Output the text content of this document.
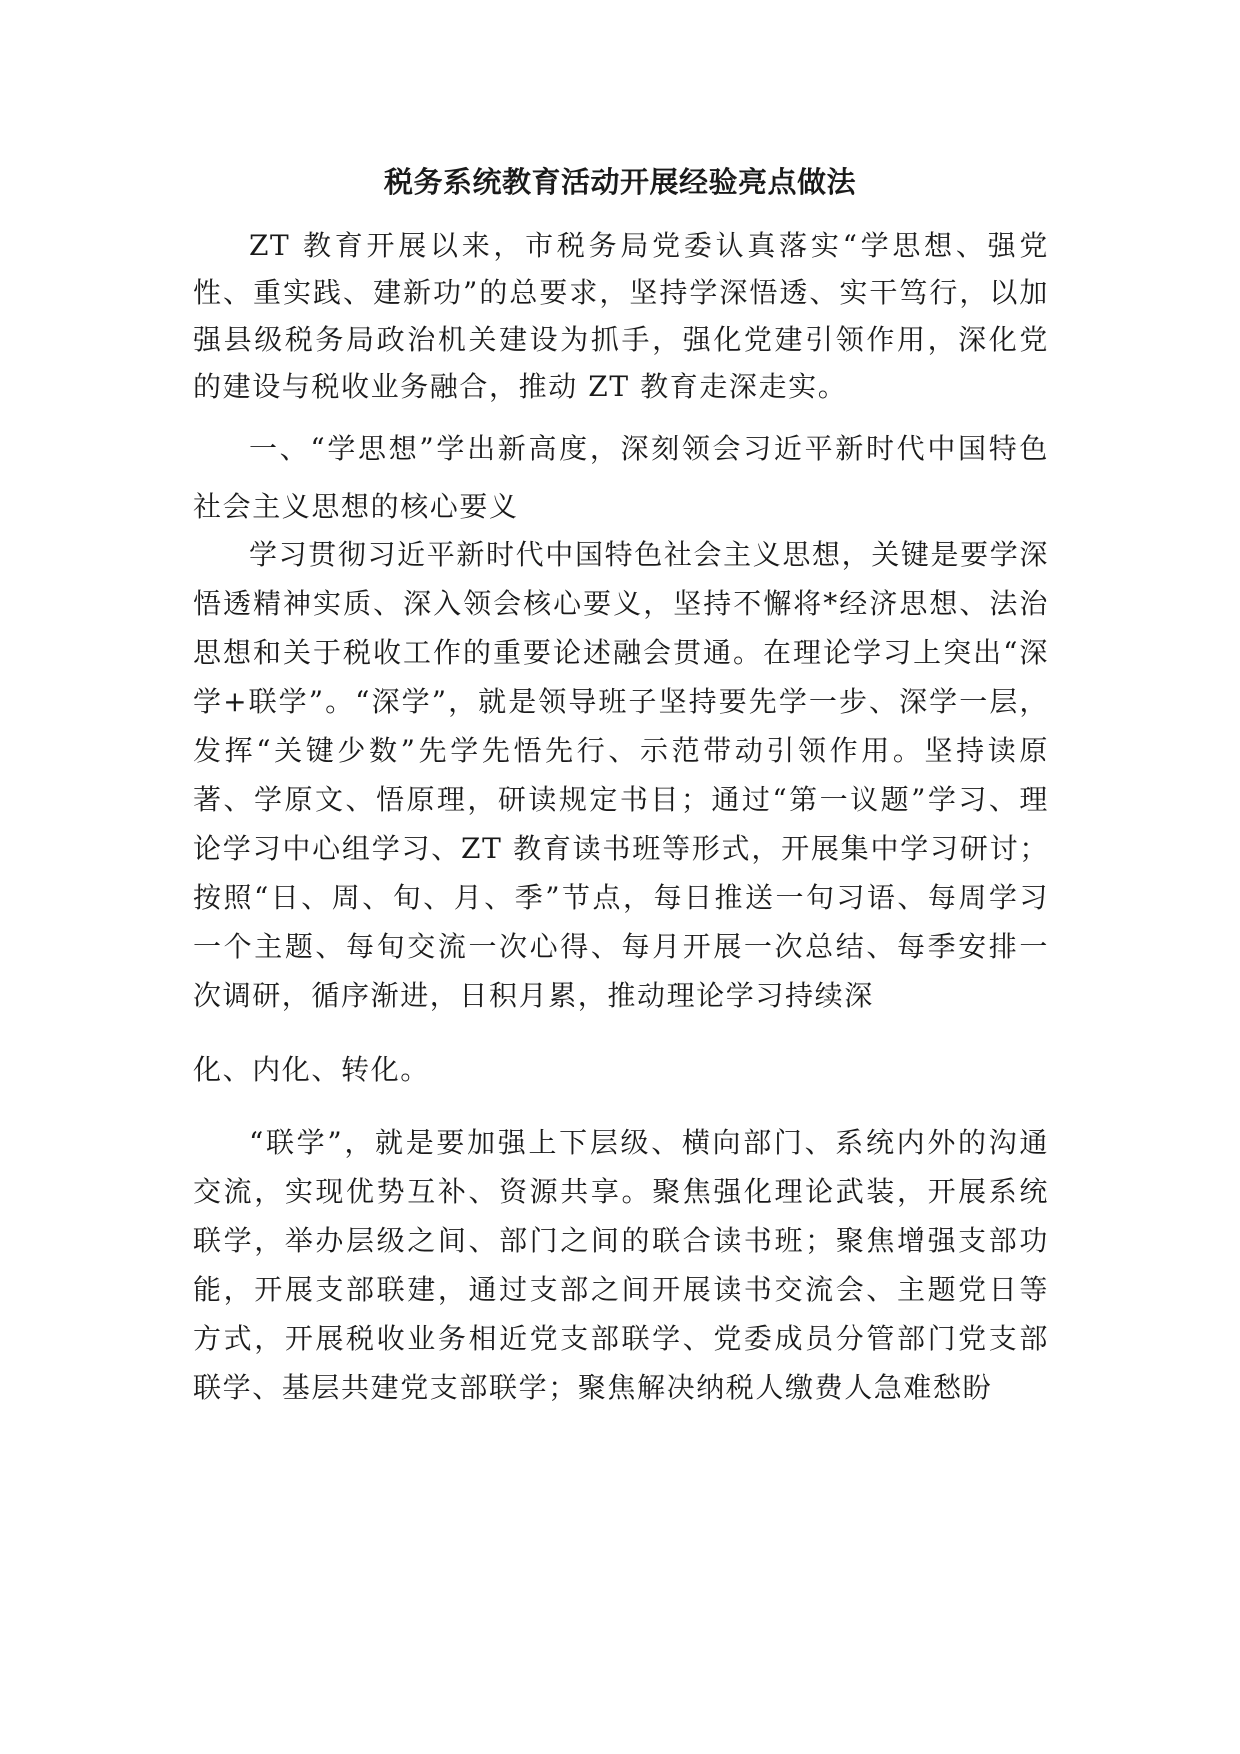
税务系统教育活动开展经验亮点做法

ZT 教育开展以来，市税务局党委认真落实“学思想、强党性、重实践、建新功”的总要求，坚持学深悟透、实干笃行，以加强县级税务局政治机关建设为抓手，强化党建引领作用，深化党的建设与税收业务融合，推动 ZT 教育走深走实。

一、“学思想”学出新高度，深刻领会习近平新时代中国特色社会主义思想的核心要义

学习贯彻习近平新时代中国特色社会主义思想，关键是要学深悟透精神实质、深入领会核心要义，坚持不懈将*经济思想、法治思想和关于税收工作的重要论述融会贯通。在理论学习上突出“深学+联学”。“深学”，就是领导班子坚持要先学一步、深学一层，发挥“关键少数”先学先悟先行、示范带动引领作用。坚持读原著、学原文、悟原理，研读规定书目；通过“第一议题”学习、理论学习中心组学习、ZT 教育读书班等形式，开展集中学习研讨；按照“日、周、旬、月、季”节点，每日推送一句习语、每周学习一个主题、每旬交流一次心得、每月开展一次总结、每季安排一次调研，循序渐进，日积月累，推动理论学习持续深

化、内化、转化。

“联学”，就是要加强上下层级、横向部门、系统内外的沟通交流，实现优势互补、资源共享。聚焦强化理论武装，开展系统联学，举办层级之间、部门之间的联合读书班；聚焦增强支部功能，开展支部联建，通过支部之间开展读书交流会、主题党日等方式，开展税收业务相近党支部联学、党委成员分管部门党支部联学、基层共建党支部联学；聚焦解决纳税人缴费人急难愁盼
